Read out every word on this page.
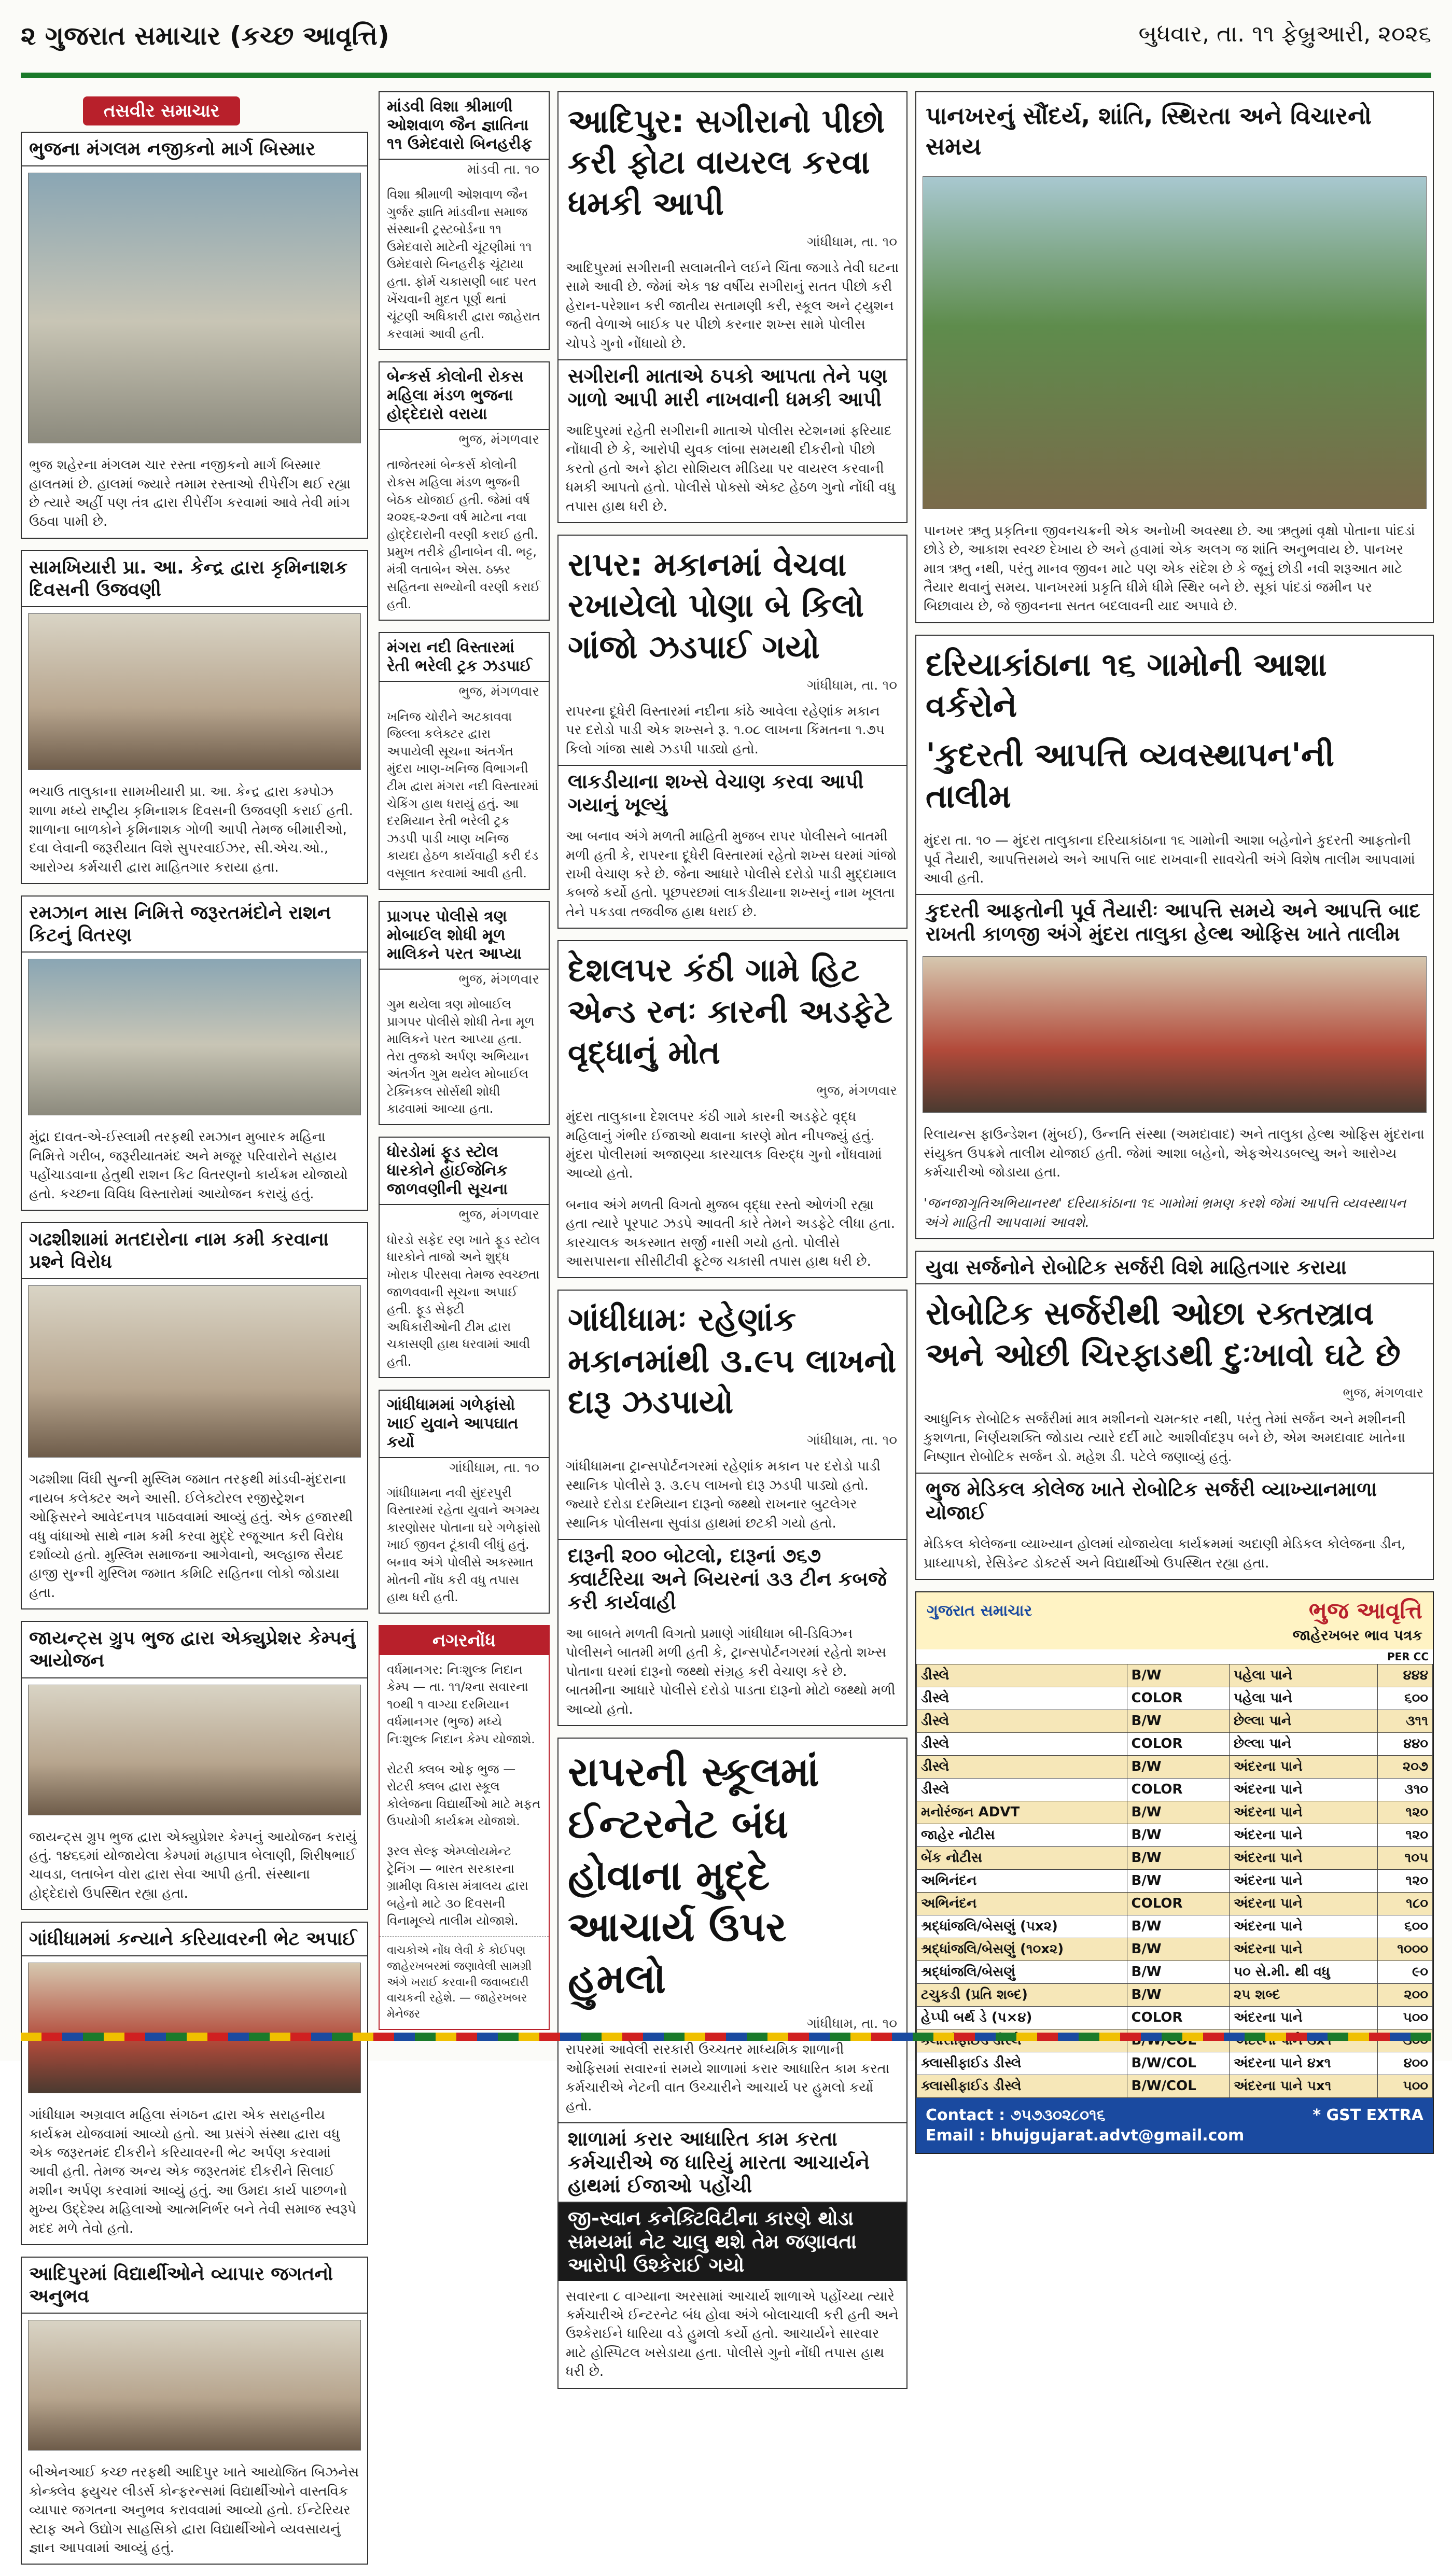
૨ ગુજરાત સમાચાર (કચ્છ આવૃત્તિ)	બુધવાર, તા. ૧૧ ફેબ્રુઆરી, ૨૦૨૬
તસવીર સમાચાર
ભુજના મંગલમ નજીકનો માર્ગ બિસ્માર
ભુજ શહેરના મંગલમ ચાર રસ્તા નજીકનો માર્ગ બિસ્માર હાલતમાં છે. હાલમાં જ્યારે તમામ રસ્તાઓ રીપેરીંગ થઈ રહ્યા છે ત્યારે અહીં પણ તંત્ર દ્વારા રીપેરીંગ કરવામાં આવે તેવી માંગ ઉઠવા પામી છે.
સામખિયારી પ્રા. આ. કેન્દ્ર દ્વારા કૃમિનાશક દિવસની ઉજવણી
ભચાઉ તાલુકાના સામખીયારી પ્રા. આ. કેન્દ્ર દ્વારા કમ્પોઝ શાળા મધ્યે રાષ્ટ્રીય કૃમિનાશક દિવસની ઉજવણી કરાઈ હતી. શાળાના બાળકોને કૃમિનાશક ગોળી આપી તેમજ બીમારીઓ, દવા લેવાની જરૂરીયાત વિશે સુપરવાઈઝર, સી.એચ.ઓ., આરોગ્ય કર્મચારી દ્વારા માહિતગાર કરાયા હતા.
રમઝાન માસ નિમિત્તે જરૂરતમંદોને રાશન કિટનું વિતરણ
મુંદ્રા દાવત-એ-ઈસ્લામી તરફથી રમઝાન મુબારક મહિના નિમિત્તે ગરીબ, જરૂરીયાતમંદ અને મજૂર પરિવારોને સહાય પહોંચાડવાના હેતુથી રાશન કિટ વિતરણનો કાર્યક્રમ યોજાયો હતો. કચ્છના વિવિધ વિસ્તારોમાં આયોજન કરાયું હતું.
ગઢશીશામાં મતદારોના નામ કમી કરવાના પ્રશ્ને વિરોધ
ગઢશીશા વિંઘી સુન્ની મુસ્લિમ જમાત તરફથી માંડવી-મુંદરાના નાયબ કલેક્ટર અને આસી. ઈલેક્ટોરલ રજીસ્ટ્રેશન ઓફિસરને આવેદનપત્ર પાઠવવામાં આવ્યું હતું. એક હજારથી વધુ વાંધાઓ સાથે નામ કમી કરવા મુદ્દે રજૂઆત કરી વિરોધ દર્શાવ્યો હતો. મુસ્લિમ સમાજના આગેવાનો, અલ્હાજ સૈયદ હાજી સુન્ની મુસ્લિમ જમાત કમિટિ સહિતના લોકો જોડાયા હતા.
જાયન્ટ્સ ગ્રુપ ભુજ દ્વારા એક્યુપ્રેશર કેમ્પનું આયોજન
જાયન્ટ્સ ગ્રુપ ભુજ દ્વારા એક્યુપ્રેશર કેમ્પનું આયોજન કરાયું હતું. ૧૪૬૬માં યોજાયેલા કેમ્પમાં મહાપાત્ર બેલાણી, શિરીષભાઈ ચાવડા, લતાબેન વોરા દ્વારા સેવા આપી હતી. સંસ્થાના હોદ્દેદારો ઉપસ્થિત રહ્યા હતા.
ગાંધીધામમાં કન્યાને કરિયાવરની ભેટ અપાઈ
ગાંધીધામ અગ્રવાલ મહિલા સંગઠન દ્વારા એક સરાહનીય કાર્યક્રમ યોજવામાં આવ્યો હતો. આ પ્રસંગે સંસ્થા દ્વારા વધુ એક જરૂરતમંદ દીકરીને કરિયાવરની ભેટ અર્પણ કરવામાં આવી હતી. તેમજ અન્ય એક જરૂરતમંદ દીકરીને સિલાઈ મશીન અર્પણ કરવામાં આવ્યું હતું. આ ઉમદા કાર્ય પાછળનો મુખ્ય ઉદ્દેશ્ય મહિલાઓ આત્મનિર્ભર બને તેવી સમાજ સ્વરૂપે મદદ મળે તેવો હતો.
આદિપુરમાં વિદ્યાર્થીઓને વ્યાપાર જગતનો અનુભવ
બીએનઆઈ કચ્છ તરફથી આદિપુર ખાતે આયોજિત બિઝનેસ કોન્ક્લેવ ફ્યુચર લીડર્સ કોન્ફરન્સમાં વિદ્યાર્થીઓને વાસ્તવિક વ્યાપાર જગતના અનુભવ કરાવવામાં આવ્યો હતો. ઈન્ટેરિયર સ્ટાફ અને ઉદ્યોગ સાહસિકો દ્વારા વિદ્યાર્થીઓને વ્યવસાયનું જ્ઞાન આપવામાં આવ્યું હતું.
માંડવી વિશા શ્રીમાળી ઓશવાળ જૈન જ્ઞાતિના ૧૧ ઉમેદવારો બિનહરીફ
માંડવી તા. ૧૦
વિશા શ્રીમાળી ઓશવાળ જૈન ગુર્જર જ્ઞાતિ માંડવીના સમાજ સંસ્થાની ટ્રસ્ટબોર્ડના ૧૧ ઉમેદવારો માટેની ચૂંટણીમાં ૧૧ ઉમેદવારો બિનહરીફ ચૂંટાયા હતા. ફોર્મ ચકાસણી બાદ પરત ખેંચવાની મુદત પૂર્ણ થતાં ચૂંટણી અધિકારી દ્વારા જાહેરાત કરવામાં આવી હતી.
બેન્કર્સ કોલોની રોકસ મહિલા મંડળ ભુજના હોદ્દેદારો વરાયા
ભુજ, મંગળવાર
તાજેતરમાં બેન્કર્સ કોલોની રોકસ મહિલા મંડળ ભુજની બેઠક યોજાઈ હતી. જેમાં વર્ષ ૨૦૨૬-૨૭ના વર્ષ માટેના નવા હોદ્દેદારોની વરણી કરાઈ હતી. પ્રમુખ તરીકે હીનાબેન વી. ભટ્ટ, મંત્રી લતાબેન એસ. ઠક્કર સહિતના સભ્યોની વરણી કરાઈ હતી.
મંગરા નદી વિસ્તારમાં રેતી ભરેલી ટ્રક ઝડપાઈ
ભુજ, મંગળવાર
ખનિજ ચોરીને અટકાવવા જિલ્લા કલેક્ટર દ્વારા અપાયેલી સૂચના અંતર્ગત મુંદરા ખાણ-ખનિજ વિભાગની ટીમ દ્વારા મંગરા નદી વિસ્તારમાં ચેકિંગ હાથ ધરાયું હતું. આ દરમિયાન રેતી ભરેલી ટ્રક ઝડપી પાડી ખાણ ખનિજ કાયદા હેઠળ કાર્યવાહી કરી દંડ વસૂલાત કરવામાં આવી હતી.
પ્રાગપર પોલીસે ત્રણ મોબાઈલ શોધી મૂળ માલિકને પરત આપ્યા
ભુજ, મંગળવાર
ગુમ થયેલા ત્રણ મોબાઈલ પ્રાગપર પોલીસે શોધી તેના મૂળ માલિકને પરત આપ્યા હતા. તેરા તુજકો અર્પણ અભિયાન અંતર્ગત ગુમ થયેલ મોબાઈલ ટેક્નિકલ સોર્સથી શોધી કાઢવામાં આવ્યા હતા.
ધોરડોમાં ફૂડ સ્ટોલ ધારકોને હાઈજેનિક જાળવણીની સૂચના
ભુજ, મંગળવાર
ધોરડો સફેદ રણ ખાતે ફૂડ સ્ટોલ ધારકોને તાજો અને શુદ્ધ ખોરાક પીરસવા તેમજ સ્વચ્છતા જાળવવાની સૂચના અપાઈ હતી. ફૂડ સેફ્ટી અધિકારીઓની ટીમ દ્વારા ચકાસણી હાથ ધરવામાં આવી હતી.
ગાંધીધામમાં ગળેફાંસો ખાઈ યુવાને આપઘાત કર્યો
ગાંધીધામ, તા. ૧૦
ગાંધીધામના નવી સુંદરપુરી વિસ્તારમાં રહેતા યુવાને અગમ્ય કારણોસર પોતાના ઘરે ગળેફાંસો ખાઈ જીવન ટૂંકાવી લીધું હતું. બનાવ અંગે પોલીસે અકસ્માત મોતની નોંધ કરી વધુ તપાસ હાથ ધરી હતી.
નગરનોંધ
વર્ધમાનગર: નિઃશુલ્ક નિદાન કેમ્પ — તા. ૧૧/૨ના સવારના ૧૦થી ૧ વાગ્યા દરમિયાન વર્ધમાનગર (ભુજ) મધ્યે નિઃશુલ્ક નિદાન કેમ્પ યોજાશે.
રોટરી ક્લબ ઓફ ભુજ — રોટરી ક્લબ દ્વારા સ્કૂલ કોલેજના વિદ્યાર્થીઓ માટે મફત ઉપયોગી કાર્યક્રમ યોજાશે.
રૂરલ સેલ્ફ એમ્પ્લોયમેન્ટ ટ્રેનિંગ — ભારત સરકારના ગ્રામીણ વિકાસ મંત્રાલય દ્વારા બહેનો માટે ૩૦ દિવસની વિનામૂલ્યે તાલીમ યોજાશે.
વાચકોએ નોંધ લેવી કે કોઈપણ જાહેરખબરમાં જણાવેલી સામગ્રી અંગે ખરાઈ કરવાની જવાબદારી વાચકની રહેશે. — જાહેરખબર મેનેજર
આદિપુર: સગીરાનો પીછો કરી ફોટા વાયરલ કરવા ધમકી આપી
ગાંધીધામ, તા. ૧૦
આદિપુરમાં સગીરાની સલામતીને લઈને ચિંતા જગાડે તેવી ઘટના સામે આવી છે. જેમાં એક ૧૪ વર્ષીય સગીરાનું સતત પીછો કરી હેરાન-પરેશાન કરી જાતીય સતામણી કરી, સ્કૂલ અને ટ્યુશન જતી વેળાએ બાઈક પર પીછો કરનાર શખ્સ સામે પોલીસ ચોપડે ગુનો નોંધાયો છે.
સગીરાની માતાએ ઠપકો આપતા તેને પણ ગાળો આપી મારી નાખવાની ધમકી આપી
આદિપુરમાં રહેતી સગીરાની માતાએ પોલીસ સ્ટેશનમાં ફરિયાદ નોંધાવી છે કે, આરોપી યુવક લાંબા સમયથી દીકરીનો પીછો કરતો હતો અને ફોટા સોશિયલ મીડિયા પર વાયરલ કરવાની ધમકી આપતો હતો. પોલીસે પોક્સો એક્ટ હેઠળ ગુનો નોંધી વધુ તપાસ હાથ ધરી છે.
રાપર: મકાનમાં વેચવા રખાયેલો પોણા બે કિલો ગાંજો ઝડપાઈ ગયો
ગાંધીધામ, તા. ૧૦
રાપરના દૂધેરી વિસ્તારમાં નદીના કાંઠે આવેલા રહેણાંક મકાન પર દરોડો પાડી એક શખ્સને રૂ. ૧.૦૮ લાખના કિંમતના ૧.૭૫ કિલો ગાંજા સાથે ઝડપી પાડ્યો હતો.
લાકડીયાના શખ્સે વેચાણ કરવા આપી ગયાનું ખૂલ્યું
આ બનાવ અંગે મળતી માહિતી મુજબ રાપર પોલીસને બાતમી મળી હતી કે, રાપરના દૂધેરી વિસ્તારમાં રહેતો શખ્સ ઘરમાં ગાંજો રાખી વેચાણ કરે છે. જેના આધારે પોલીસે દરોડો પાડી મુદ્દામાલ કબજે કર્યો હતો. પૂછપરછમાં લાકડીયાના શખ્સનું નામ ખૂલતા તેને પકડવા તજવીજ હાથ ધરાઈ છે.
દેશલપર કંઠી ગામે હિટ એન્ડ રનઃ કારની અડફેટે વૃદ્ધાનું મોત
ભુજ, મંગળવાર
મુંદરા તાલુકાના દેશલપર કંઠી ગામે કારની અડફેટે વૃદ્ધ મહિલાનું ગંભીર ઈજાઓ થવાના કારણે મોત નીપજ્યું હતું. મુંદરા પોલીસમાં અજાણ્યા કારચાલક વિરુદ્ધ ગુનો નોંધવામાં આવ્યો હતો.
બનાવ અંગે મળતી વિગતો મુજબ વૃદ્ધા રસ્તો ઓળંગી રહ્યા હતા ત્યારે પૂરપાટ ઝડપે આવતી કારે તેમને અડફેટે લીધા હતા. કારચાલક અકસ્માત સર્જી નાસી ગયો હતો. પોલીસે આસપાસના સીસીટીવી ફૂટેજ ચકાસી તપાસ હાથ ધરી છે.
ગાંધીધામઃ રહેણાંક મકાનમાંથી ૩.૯૫ લાખનો દારૂ ઝડપાયો
ગાંધીધામ, તા. ૧૦
ગાંધીધામના ટ્રાન્સપોર્ટનગરમાં રહેણાંક મકાન પર દરોડો પાડી સ્થાનિક પોલીસે રૂ. ૩.૯૫ લાખનો દારૂ ઝડપી પાડ્યો હતો. જ્યારે દરોડા દરમિયાન દારૂનો જથ્થો રાખનાર બુટલેગર સ્થાનિક પોલીસના સુવાંડા હાથમાં છટકી ગયો હતો.
દારૂની ૨૦૦ બોટલો, દારૂનાં ૭૬૭ ક્વાર્ટરિયા અને બિયરનાં ૩૩ ટીન કબજે કરી કાર્યવાહી
આ બાબતે મળતી વિગતો પ્રમાણે ગાંધીધામ બી-ડિવિઝન પોલીસને બાતમી મળી હતી કે, ટ્રાન્સપોર્ટનગરમાં રહેતો શખ્સ પોતાના ઘરમાં દારૂનો જથ્થો સંગ્રહ કરી વેચાણ કરે છે. બાતમીના આધારે પોલીસે દરોડો પાડતા દારૂનો મોટો જથ્થો મળી આવ્યો હતો.
રાપરની સ્કૂલમાં ઈન્ટરનેટ બંધ હોવાના મુદ્દે આચાર્ય ઉપર હુમલો
ગાંધીધામ, તા. ૧૦
રાપરમાં આવેલી સરકારી ઉચ્ચતર માધ્યમિક શાળાની ઓફિસમાં સવારનાં સમયે શાળામાં કરાર આધારિત કામ કરતા કર્મચારીએ નેટની વાત ઉચ્ચારીને આચાર્ય પર હુમલો કર્યો હતો.
શાળામાં કરાર આધારિત કામ કરતા કર્મચારીએ જ ધારિયું મારતા આચાર્યને હાથમાં ઈજાઓ પહોંચી
જી-સ્વાન કનેક્ટિવિટીના કારણે થોડા સમયમાં નેટ ચાલુ થશે તેમ જણાવતા આરોપી ઉશ્કેરાઈ ગયો
સવારના ૮ વાગ્યાના અરસામાં આચાર્ય શાળાએ પહોંચ્યા ત્યારે કર્મચારીએ ઈન્ટરનેટ બંધ હોવા અંગે બોલાચાલી કરી હતી અને ઉશ્કેરાઈને ધારિયા વડે હુમલો કર્યો હતો. આચાર્યને સારવાર માટે હોસ્પિટલ ખસેડાયા હતા. પોલીસે ગુનો નોંધી તપાસ હાથ ધરી છે.
પાનખરનું સૌંદર્ય, શાંતિ, સ્થિરતા અને વિચારનો સમય
પાનખર ઋતુ પ્રકૃતિના જીવનચક્રની એક અનોખી અવસ્થા છે. આ ઋતુમાં વૃક્ષો પોતાના પાંદડાં છોડે છે, આકાશ સ્વચ્છ દેખાય છે અને હવામાં એક અલગ જ શાંતિ અનુભવાય છે. પાનખર માત્ર ઋતુ નથી, પરંતુ માનવ જીવન માટે પણ એક સંદેશ છે કે જૂનું છોડી નવી શરૂઆત માટે તૈયાર થવાનું સમય. પાનખરમાં પ્રકૃતિ ધીમે ધીમે સ્થિર બને છે. સૂકાં પાંદડાં જમીન પર બિછાવાય છે, જે જીવનના સતત બદલાવની યાદ અપાવે છે.
દરિયાકાંઠાના ૧૬ ગામોની આશા વર્કરોને
'કુદરતી આપત્તિ વ્યવસ્થાપન'ની તાલીમ
મુંદરા તા. ૧૦ — મુંદરા તાલુકાના દરિયાકાંઠાના ૧૬ ગામોની આશા બહેનોને કુદરતી આફતોની પૂર્વ તૈયારી, આપત્તિસમયે અને આપત્તિ બાદ રાખવાની સાવચેતી અંગે વિશેષ તાલીમ આપવામાં આવી હતી.
કુદરતી આફતોની પૂર્વ તૈયારીઃ આપત્તિ સમયે અને આપત્તિ બાદ રાખતી કાળજી અંગે મુંદરા તાલુકા હેલ્થ ઓફિસ ખાતે તાલીમ
રિલાયન્સ ફાઉન્ડેશન (મુંબઈ), ઉન્નતિ સંસ્થા (અમદાવાદ) અને તાલુકા હેલ્થ ઓફિસ મુંદરાના સંયુક્ત ઉપક્રમે તાલીમ યોજાઈ હતી. જેમાં આશા બહેનો, એફએચડબલ્યુ અને આરોગ્ય કર્મચારીઓ જોડાયા હતા.
'જનજાગૃતિઅભિયાનરથ' દરિયાકાંઠાના ૧૬ ગામોમાં ભ્રમણ કરશે જેમાં આપત્તિ વ્યવસ્થાપન અંગે માહિતી આપવામાં આવશે.
યુવા સર્જનોને રોબોટિક સર્જરી વિશે માહિતગાર કરાયા
રોબોટિક સર્જરીથી ઓછા રક્તસ્ત્રાવ અને ઓછી ચિરફાડથી દુઃખાવો ઘટે છે
ભુજ, મંગળવાર
આધુનિક રોબોટિક સર્જરીમાં માત્ર મશીનનો ચમત્કાર નથી, પરંતુ તેમાં સર્જન અને મશીનની કુશળતા, નિર્ણયશક્તિ જોડાય ત્યારે દર્દી માટે આશીર્વાદરૂપ બને છે, એમ અમદાવાદ ખાતેના નિષ્ણાત રોબોટિક સર્જન ડો. મહેશ ડી. પટેલે જણાવ્યું હતું.
ભુજ મેડિકલ કોલેજ ખાતે રોબોટિક સર્જરી વ્યાખ્યાનમાળા યોજાઈ
મેડિકલ કોલેજના વ્યાખ્યાન હોલમાં યોજાયેલા કાર્યક્રમમાં અદાણી મેડિકલ કોલેજના ડીન, પ્રાધ્યાપકો, રેસિડેન્ટ ડોક્ટર્સ અને વિદ્યાર્થીઓ ઉપસ્થિત રહ્યા હતા.
ગુજરાત સમાચાર	ભુજ આવૃત્તિ
જાહેરખબર ભાવ પત્રક
PER CC
ડીસ્લે	B/W	પહેલા પાને	૪૪૪
ડીસ્લે	COLOR	પહેલા પાને	૬૦૦
ડીસ્લે	B/W	છેલ્લા પાને	૩૧૧
ડીસ્લે	COLOR	છેલ્લા પાને	૪૪૦
ડીસ્લે	B/W	અંદરના પાને	૨૦૭
ડીસ્લે	COLOR	અંદરના પાને	૩૧૦
મનોરંજન ADVT	B/W	અંદરના પાને	૧૨૦
જાહેર નોટીસ	B/W	અંદરના પાને	૧૨૦
બેંક નોટીસ	B/W	અંદરના પાને	૧૦૫
અભિનંદન	B/W	અંદરના પાને	૧૨૦
અભિનંદન	COLOR	અંદરના પાને	૧૮૦
શ્રદ્ધાંજલિ/બેસણું (૫x૨)	B/W	અંદરના પાને	૬૦૦
શ્રદ્ધાંજલિ/બેસણું (૧૦x૨)	B/W	અંદરના પાને	૧૦૦૦
શ્રદ્ધાંજલિ/બેસણું	B/W	૫૦ સે.મી. થી વધુ	૯૦
ટચુકડી (પ્રતિ શબ્દ)	B/W	૨૫ શબ્દ	૨૦૦
હેપ્પી બર્થ ડે (પ×૪)	COLOR	અંદરના પાને	૫૦૦

ક્લાસીફાઈડ ડીસ્લે	B/W/COL	અંદરના પાને ૪x૧	૪૦૦
ક્લાસીફાઈડ ડીસ્લે	B/W/COL	અંદરના પાને ૫x૧	૫૦૦
Contact : ૭૫૭૩૦૨૮૦૧૬	* GST EXTRA
Email : bhujgujarat.advt@gmail.com
